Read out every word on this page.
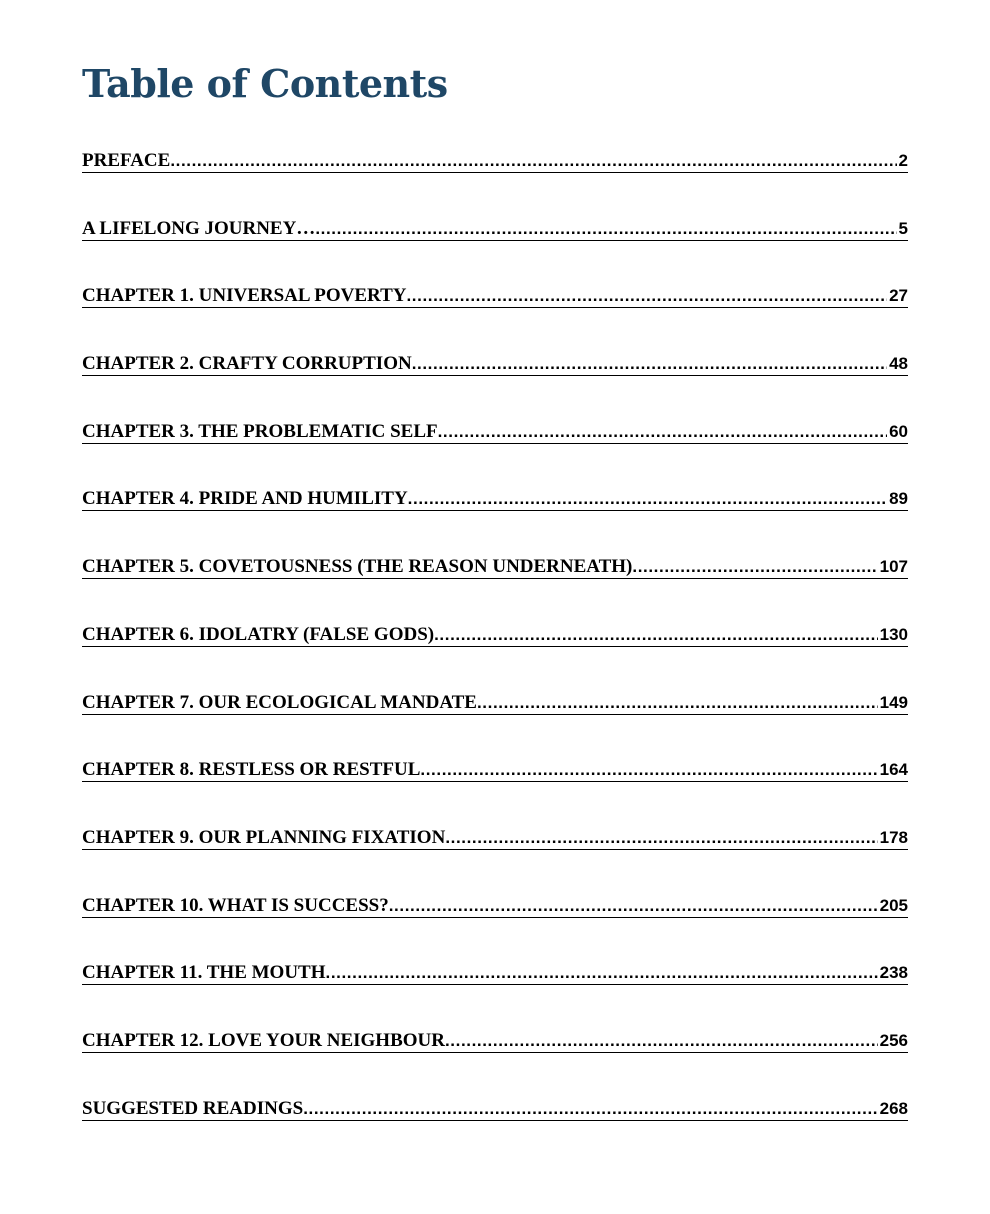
Table of Contents
PREFACE .....	2
A LIFELONG JOURNEY… .....	5
CHAPTER 1. UNIVERSAL POVERTY .....	27
CHAPTER 2. CRAFTY CORRUPTION .....	48
CHAPTER 3. THE PROBLEMATIC SELF .....	60
CHAPTER 4. PRIDE AND HUMILITY .....	89
CHAPTER 5. COVETOUSNESS (THE REASON UNDERNEATH) .....	107
CHAPTER 6. IDOLATRY (FALSE GODS) .....	130
CHAPTER 7. OUR ECOLOGICAL MANDATE .....	149
CHAPTER 8. RESTLESS OR RESTFUL .....	164
CHAPTER 9. OUR PLANNING FIXATION .....	178
CHAPTER 10. WHAT IS SUCCESS? .....	205
CHAPTER 11. THE MOUTH .....	238
CHAPTER 12. LOVE YOUR NEIGHBOUR .....	256
SUGGESTED READINGS .....	268
